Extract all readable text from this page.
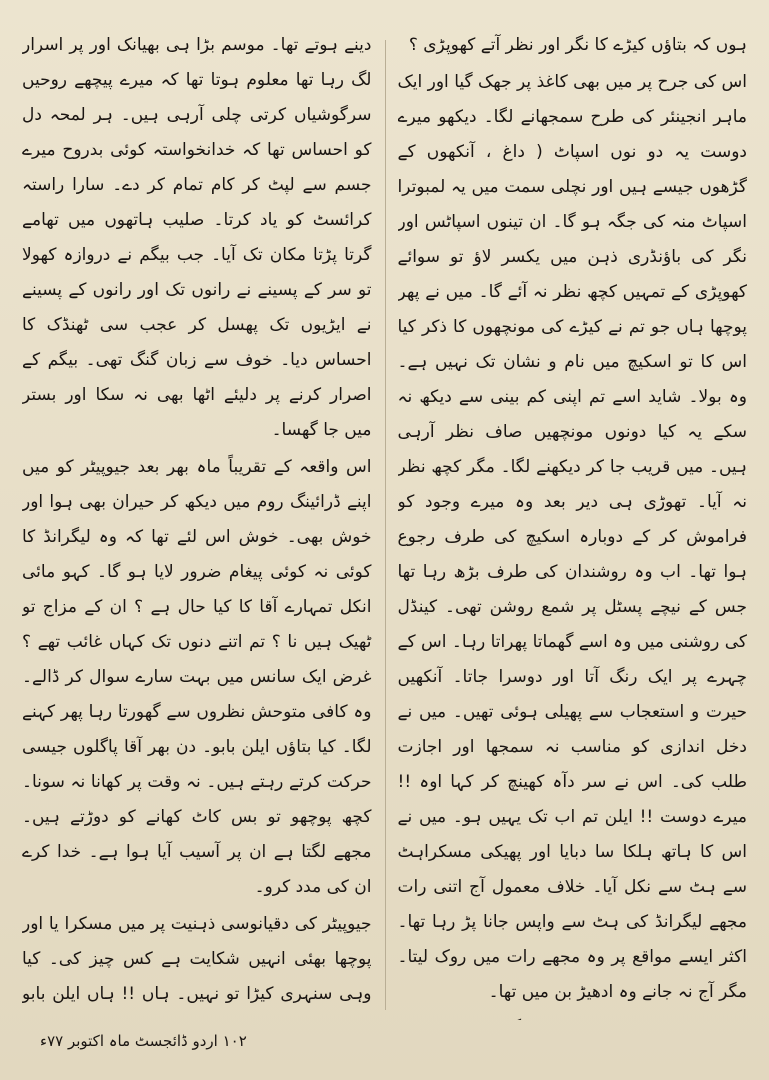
ہوں کہ بتاؤں کیڑے کا نگر اور نظر آتے کھوپڑی ؟

اس کی جرح پر میں بھی کاغذ پر جھک گیا اور ایک ماہر انجینئر کی طرح سمجھانے لگا۔ دیکھو میرے دوست یہ دو نوں اسپاٹ ( داغ ، آنکھوں کے گڑھوں جیسے ہیں اور نچلی سمت میں یہ لمبوترا اسپاٹ منہ کی جگہ ہو گا۔ ان تینوں اسپاٹس اور نگر کی باؤنڈری ذہن میں یکسر لاؤ تو سوائے کھوپڑی کے تمہیں کچھ نظر نہ آئے گا۔ میں نے پھر پوچھا ہاں جو تم نے کیڑے کی مونچھوں کا ذکر کیا اس کا تو اسکیچ میں نام و نشان تک نہیں ہے۔ وہ بولا۔ شاید اسے تم اپنی کم بینی سے دیکھ نہ سکے یہ کیا دونوں مونچھیں صاف نظر آرہی ہیں۔ میں قریب جا کر دیکھنے لگا۔ مگر کچھ نظر نہ آیا۔ تھوڑی ہی دیر بعد وہ میرے وجود کو فراموش کر کے دوبارہ اسکیچ کی طرف رجوع ہوا تھا۔ اب وہ روشندان کی طرف بڑھ رہا تھا جس کے نیچے پسٹل پر شمع روشن تھی۔ کینڈل کی روشنی میں وہ اسے گھماتا پھراتا رہا۔ اس کے چہرے پر ایک رنگ آتا اور دوسرا جاتا۔ آنکھیں حیرت و استعجاب سے پھیلی ہوئی تھیں۔ میں نے دخل اندازی کو مناسب نہ سمجھا اور اجازت طلب کی۔ اس نے سر دآہ کھینچ کر کہا اوہ !! میرے دوست !! ایلن تم اب تک یہیں ہو۔ میں نے اس کا ہاتھ ہلکا سا دبایا اور پھیکی مسکراہٹ سے ہٹ سے نکل آیا۔ خلاف معمول آج اتنی رات مجھے لیگرانڈ کی ہٹ سے واپس جانا پڑ رہا تھا۔ اکثر ایسے مواقع پر وہ مجھے رات میں روک لیتا۔ مگر آج نہ جانے وہ ادھیڑ بن میں تھا۔

دینے ہوتے تھا۔ موسم بڑا ہی بھیانک اور پر اسرار لگ رہا تھا معلوم ہوتا تھا کہ میرے پیچھے روحیں سرگوشیاں کرتی چلی آرہی ہیں۔ ہر لمحہ دل کو احساس تھا کہ خدانخواستہ کوئی بدروح میرے جسم سے لپٹ کر کام تمام کر دے۔ سارا راستہ کرائسٹ کو یاد کرتا۔ صلیب ہاتھوں میں تھامے گرتا پڑتا مکان تک آیا۔ جب بیگم نے دروازہ کھولا تو سر کے پسینے نے رانوں تک اور رانوں کے پسینے نے ایڑیوں تک پھسل کر عجب سی ٹھنڈک کا احساس دیا۔ خوف سے زبان گنگ تھی۔ بیگم کے اصرار کرنے پر دلیئے اٹھا بھی نہ سکا اور بستر میں جا گھسا۔

اس واقعہ کے تقریباً ماہ بھر بعد جیوپیٹر کو میں اپنے ڈرائینگ روم میں دیکھ کر حیران بھی ہوا اور خوش بھی۔ خوش اس لئے تھا کہ وہ لیگرانڈ کا کوئی نہ کوئی پیغام ضرور لایا ہو گا۔ کہو مائی انکل تمہارے آقا کا کیا حال ہے ؟ ان کے مزاج تو ٹھیک ہیں نا ؟ تم اتنے دنوں تک کہاں غائب تھے ؟ غرض ایک سانس میں بہت سارے سوال کر ڈالے۔ وہ کافی متوحش نظروں سے گھورتا رہا پھر کہنے لگا۔ کیا بتاؤں ایلن بابو۔ دن بھر آقا پاگلوں جیسی حرکت کرتے رہتے ہیں۔ نہ وقت پر کھانا نہ سونا۔ کچھ پوچھو تو بس کاٹ کھانے کو دوڑتے ہیں۔ مجھے لگتا ہے ان پر آسیب آیا ہوا ہے۔ خدا کرے ان کی مدد کرو۔

جیوپیٹر کی دقیانوسی ذہنیت پر میں مسکرا یا اور پوچھا بھئی انہیں شکایت ہے کس چیز کی۔ کیا وہی سنہری کیڑا تو نہیں۔ ہاں !! ہاں ایلن بابو

۱۰۲ اردو ڈائجسٹ ماہ اکتوبر ۷۷ء
